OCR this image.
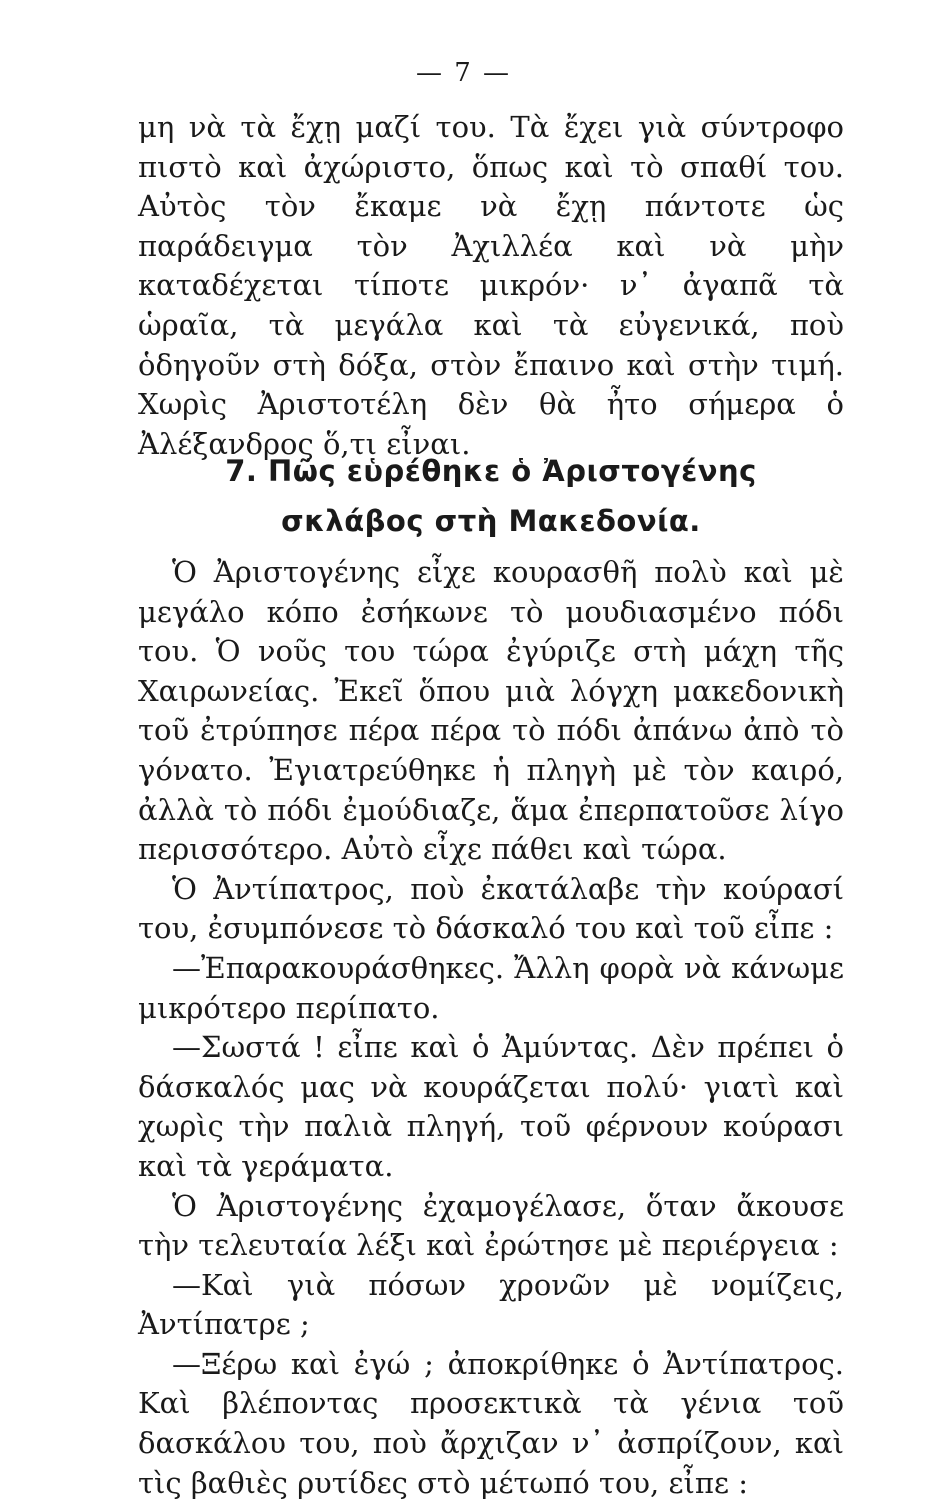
— 7 —

μη νὰ τὰ ἔχῃ μαζί του. Τὰ ἔχει γιὰ σύντροφο πιστὸ καὶ ἀχώριστο, ὅπως καὶ τὸ σπαθί του. Αὐτὸς τὸν ἔκαμε νὰ ἔχῃ πάντοτε ὡς παράδειγμα τὸν Ἀχιλλέα καὶ νὰ μὴν καταδέχεται τίποτε μικρόν· ν᾽ ἀγαπᾶ τὰ ὡραῖα, τὰ μεγάλα καὶ τὰ εὐγενικά, ποὺ ὁδηγοῦν στὴ δόξα, στὸν ἔπαινο καὶ στὴν τιμή. Χωρὶς Ἀριστοτέλη δὲν θὰ ἦτο σήμερα ὁ Ἀλέξανδρος ὅ,τι εἶναι.

7. Πῶς εὑρέθηκε ὁ Ἀριστογένης
σκλάβος στὴ Μακεδονία.

Ὁ Ἀριστογένης εἶχε κουρασθῆ πολὺ καὶ μὲ μεγάλο κόπο ἐσήκωνε τὸ μουδιασμένο πόδι του. Ὁ νοῦς του τώρα ἐγύριζε στὴ μάχη τῆς Χαιρωνείας. Ἐκεῖ ὅπου μιὰ λόγχη μακεδονικὴ τοῦ ἐτρύπησε πέρα πέρα τὸ πόδι ἀπάνω ἀπὸ τὸ γόνατο. Ἐγιατρεύθηκε ἡ πληγὴ μὲ τὸν καιρό, ἀλλὰ τὸ πόδι ἐμούδιαζε, ἅμα ἐπερπατοῦσε λίγο περισσότερο. Αὐτὸ εἶχε πάθει καὶ τώρα.

Ὁ Ἀντίπατρος, ποὺ ἐκατάλαβε τὴν κούρασί του, ἐσυμπόνεσε τὸ δάσκαλό του καὶ τοῦ εἶπε :

—Ἐπαρακουράσθηκες. Ἄλλη φορὰ νὰ κάνωμε μικρότερο περίπατο.

—Σωστά ! εἶπε καὶ ὁ Ἀμύντας. Δὲν πρέπει ὁ δάσκαλός μας νὰ κουράζεται πολύ· γιατὶ καὶ χωρὶς τὴν παλιὰ πληγή, τοῦ φέρνουν κούρασι καὶ τὰ γεράματα.

Ὁ Ἀριστογένης ἐχαμογέλασε, ὅταν ἄκουσε τὴν τελευταία λέξι καὶ ἐρώτησε μὲ περιέργεια :

—Καὶ γιὰ πόσων χρονῶν μὲ νομίζεις, Ἀντίπατρε ;

—Ξέρω καὶ ἐγώ ; ἀποκρίθηκε ὁ Ἀντίπατρος. Καὶ βλέποντας προσεκτικὰ τὰ γένια τοῦ δασκάλου του, ποὺ ἄρχιζαν ν᾽ ἀσπρίζουν, καὶ τὶς βαθιὲς ρυτίδες στὸ μέτωπό του, εἶπε :
